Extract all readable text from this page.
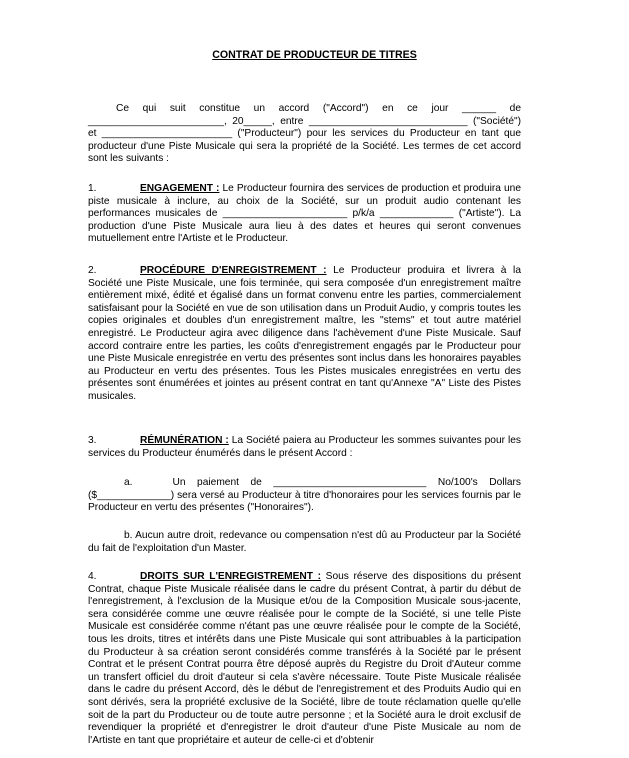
CONTRAT DE PRODUCTEUR DE TITRES

Ce qui suit constitue un accord ("Accord") en ce jour ______ de ________________________, 20_____, entre ____________________________ ("Société") et _______________________ ("Producteur") pour les services du Producteur en tant que producteur d'une Piste Musicale qui sera la propriété de la Société. Les termes de cet accord sont les suivants :

1.	ENGAGEMENT : Le Producteur fournira des services de production et produira une piste musicale à inclure, au choix de la Société, sur un produit audio contenant les performances musicales de ______________________ p/k/a _____________ ("Artiste"). La production d'une Piste Musicale aura lieu à des dates et heures qui seront convenues mutuellement entre l'Artiste et le Producteur.

2.	PROCÉDURE D'ENREGISTREMENT : Le Producteur produira et livrera à la Société une Piste Musicale, une fois terminée, qui sera composée d'un enregistrement maître entièrement mixé, édité et égalisé dans un format convenu entre les parties, commercialement satisfaisant pour la Société en vue de son utilisation dans un Produit Audio, y compris toutes les copies originales et doubles d'un enregistrement maître, les "stems" et tout autre matériel enregistré. Le Producteur agira avec diligence dans l'achèvement d'une Piste Musicale. Sauf accord contraire entre les parties, les coûts d'enregistrement engagés par le Producteur pour une Piste Musicale enregistrée en vertu des présentes sont inclus dans les honoraires payables au Producteur en vertu des présentes. Tous les Pistes musicales enregistrées en vertu des présentes sont énumérées et jointes au présent contrat en tant qu'Annexe "A" Liste des Pistes musicales.

3.	RÉMUNÉRATION : La Société paiera au Producteur les sommes suivantes pour les services du Producteur énumérés dans le présent Accord :

a.	Un paiement de ___________________________ No/100's Dollars ($_____________) sera versé au Producteur à titre d'honoraires pour les services fournis par le Producteur en vertu des présentes ("Honoraires").

b. Aucun autre droit, redevance ou compensation n'est dû au Producteur par la Société du fait de l'exploitation d'un Master.

4.	DROITS SUR L'ENREGISTREMENT : Sous réserve des dispositions du présent Contrat, chaque Piste Musicale réalisée dans le cadre du présent Contrat, à partir du début de l'enregistrement, à l'exclusion de la Musique et/ou de la Composition Musicale sous-jacente, sera considérée comme une œuvre réalisée pour le compte de la Société, si une telle Piste Musicale est considérée comme n'étant pas une œuvre réalisée pour le compte de la Société, tous les droits, titres et intérêts dans une Piste Musicale qui sont attribuables à la participation du Producteur à sa création seront considérés comme transférés à la Société par le présent Contrat et le présent Contrat pourra être déposé auprès du Registre du Droit d'Auteur comme un transfert officiel du droit d'auteur si cela s'avère nécessaire. Toute Piste Musicale réalisée dans le cadre du présent Accord, dès le début de l'enregistrement et des Produits Audio qui en sont dérivés, sera la propriété exclusive de la Société, libre de toute réclamation quelle qu'elle soit de la part du Producteur ou de toute autre personne ; et la Société aura le droit exclusif de revendiquer la propriété et d'enregistrer le droit d'auteur d'une Piste Musicale au nom de l'Artiste en tant que propriétaire et auteur de celle-ci et d'obtenir
